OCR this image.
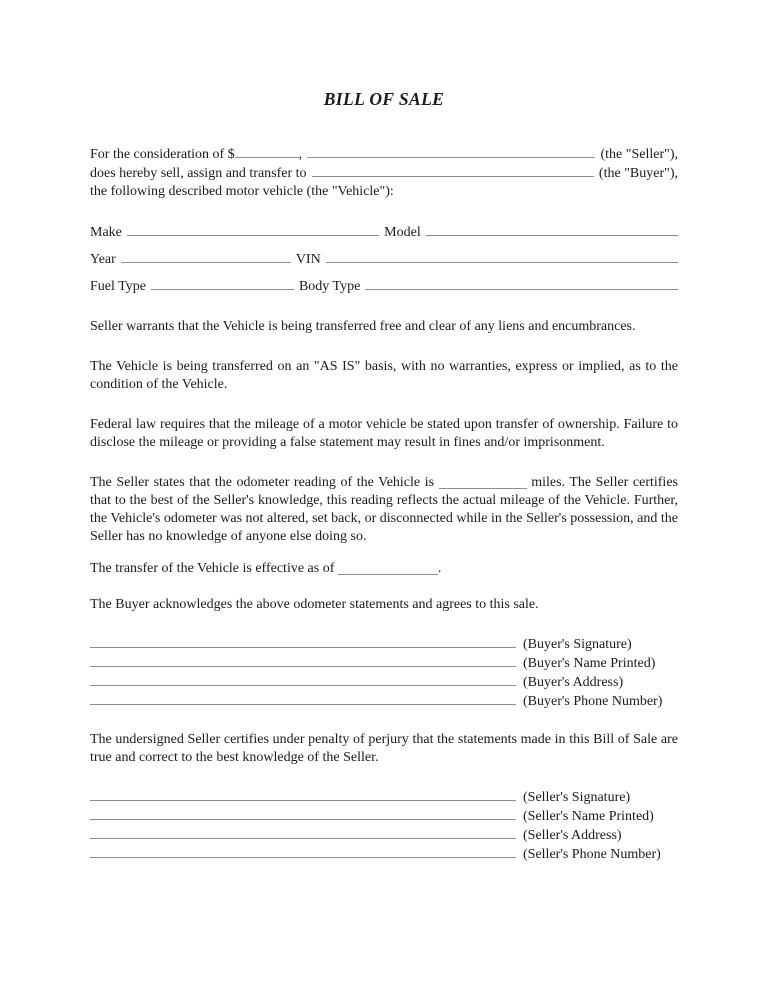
BILL OF SALE
For the consideration of $	,	(the "Seller"),
does hereby sell, assign and transfer to	(the "Buyer"),
the following described motor vehicle (the "Vehicle"):
Make	Model
Year	VIN
Fuel Type	Body Type

Seller warrants that the Vehicle is being transferred free and clear of any liens and encumbrances.

The Vehicle is being transferred on an "AS IS" basis, with no warranties, express or implied, as to the condition of the Vehicle.

Federal law requires that the mileage of a motor vehicle be stated upon transfer of ownership. Failure to disclose the mileage or providing a false statement may result in fines and/or imprisonment.

The Seller states that the odometer reading of the Vehicle is	miles. The Seller certifies that to the best of the Seller's knowledge, this reading reflects the actual mileage of the Vehicle. Further, the Vehicle's odometer was not altered, set back, or disconnected while in the Seller's possession, and the Seller has no knowledge of anyone else doing so.

The transfer of the Vehicle is effective as of	.

The Buyer acknowledges the above odometer statements and agrees to this sale.

(Buyer's Signature)
(Buyer's Name Printed)
(Buyer's Address)
(Buyer's Phone Number)

The undersigned Seller certifies under penalty of perjury that the statements made in this Bill of Sale are true and correct to the best knowledge of the Seller.

(Seller's Signature)
(Seller's Name Printed)
(Seller's Address)
(Seller's Phone Number)
